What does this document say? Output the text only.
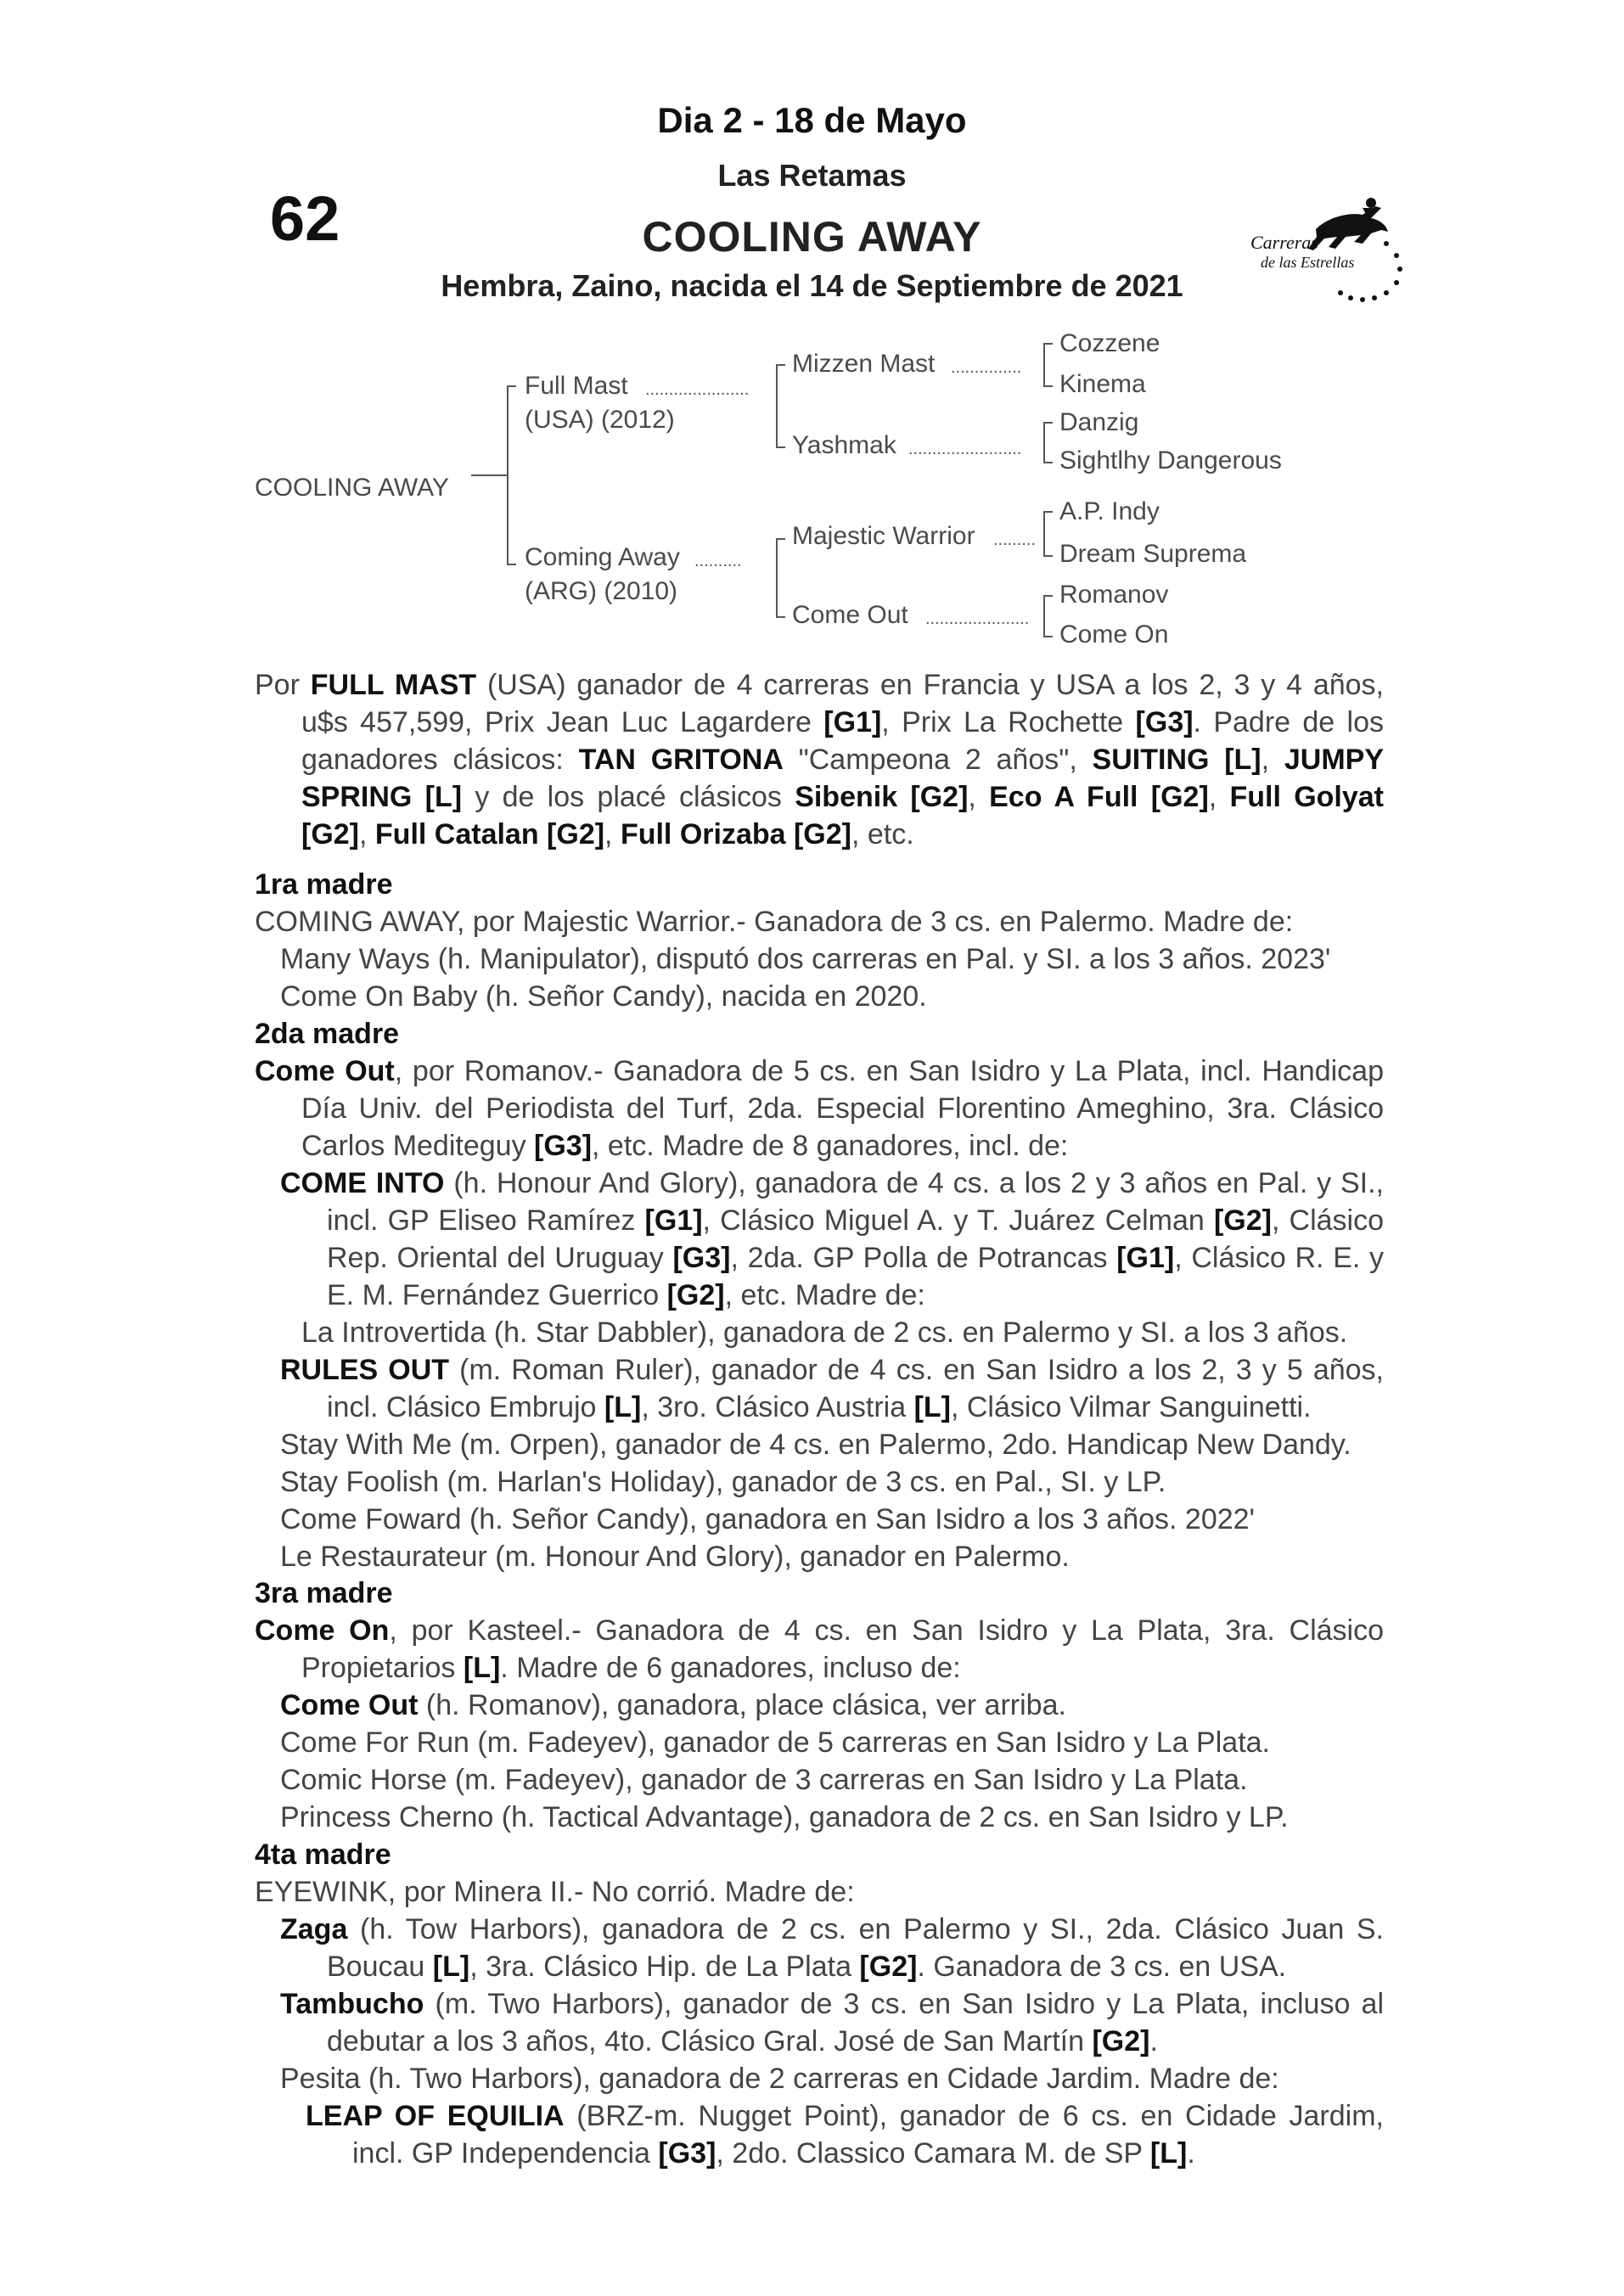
Dia 2 - 18 de Mayo
Las Retamas
62	COOLING AWAY
Hembra, Zaino, nacida el 14 de Septiembre de 2021
Carreras
de las Estrellas
COOLING AWAY
Full Mast ......................
(USA) (2012)
Coming Away ..........
(ARG) (2010)
Mizzen Mast ...............
Yashmak ........................
Majestic Warrior .........
Come Out ......................
Cozzene
Kinema
Danzig
Sightlhy Dangerous
A.P. Indy
Dream Suprema
Romanov
Come On

Por FULL MAST (USA) ganador de 4 carreras en Francia y USA a los 2, 3 y 4 años, u$s 457,599, Prix Jean Luc Lagardere [G1], Prix La Rochette [G3]. Padre de los ganadores clásicos: TAN GRITONA "Campeona 2 años", SUITING [L], JUMPY SPRING [L] y de los placé clásicos Sibenik [G2], Eco A Full [G2], Full Golyat [G2], Full Catalan [G2], Full Orizaba [G2], etc.

1ra madre

COMING AWAY, por Majestic Warrior.- Ganadora de 3 cs. en Palermo. Madre de:

Many Ways (h. Manipulator), disputó dos carreras en Pal. y SI. a los 3 años. 2023'

Come On Baby (h. Señor Candy), nacida en 2020.

2da madre

Come Out, por Romanov.- Ganadora de 5 cs. en San Isidro y La Plata, incl. Handicap Día Univ. del Periodista del Turf, 2da. Especial Florentino Ameghino, 3ra. Clásico Carlos Mediteguy [G3], etc. Madre de 8 ganadores, incl. de:

COME INTO (h. Honour And Glory), ganadora de 4 cs. a los 2 y 3 años en Pal. y SI., incl. GP Eliseo Ramírez [G1], Clásico Miguel A. y T. Juárez Celman [G2], Clásico Rep. Oriental del Uruguay [G3], 2da. GP Polla de Potrancas [G1], Clásico R. E. y E. M. Fernández Guerrico [G2], etc. Madre de:

La Introvertida (h. Star Dabbler), ganadora de 2 cs. en Palermo y SI. a los 3 años.

RULES OUT (m. Roman Ruler), ganador de 4 cs. en San Isidro a los 2, 3 y 5 años, incl. Clásico Embrujo [L], 3ro. Clásico Austria [L], Clásico Vilmar Sanguinetti.

Stay With Me (m. Orpen), ganador de 4 cs. en Palermo, 2do. Handicap New Dandy.

Stay Foolish (m. Harlan's Holiday), ganador de 3 cs. en Pal., SI. y LP.

Come Foward (h. Señor Candy), ganadora en San Isidro a los 3 años. 2022'

Le Restaurateur (m. Honour And Glory), ganador en Palermo.

3ra madre

Come On, por Kasteel.- Ganadora de 4 cs. en San Isidro y La Plata, 3ra. Clásico Propietarios [L]. Madre de 6 ganadores, incluso de:

Come Out (h. Romanov), ganadora, place clásica, ver arriba.

Come For Run (m. Fadeyev), ganador de 5 carreras en San Isidro y La Plata.

Comic Horse (m. Fadeyev), ganador de 3 carreras en San Isidro y La Plata.

Princess Cherno (h. Tactical Advantage), ganadora de 2 cs. en San Isidro y LP.

4ta madre

EYEWINK, por Minera II.- No corrió. Madre de:

Zaga (h. Tow Harbors), ganadora de 2 cs. en Palermo y SI., 2da. Clásico Juan S. Boucau [L], 3ra. Clásico Hip. de La Plata [G2]. Ganadora de 3 cs. en USA.

Tambucho (m. Two Harbors), ganador de 3 cs. en San Isidro y La Plata, incluso al debutar a los 3 años, 4to. Clásico Gral. José de San Martín [G2].

Pesita (h. Two Harbors), ganadora de 2 carreras en Cidade Jardim. Madre de:

LEAP OF EQUILIA (BRZ-m. Nugget Point), ganador de 6 cs. en Cidade Jardim, incl. GP Independencia [G3], 2do. Classico Camara M. de SP [L].
